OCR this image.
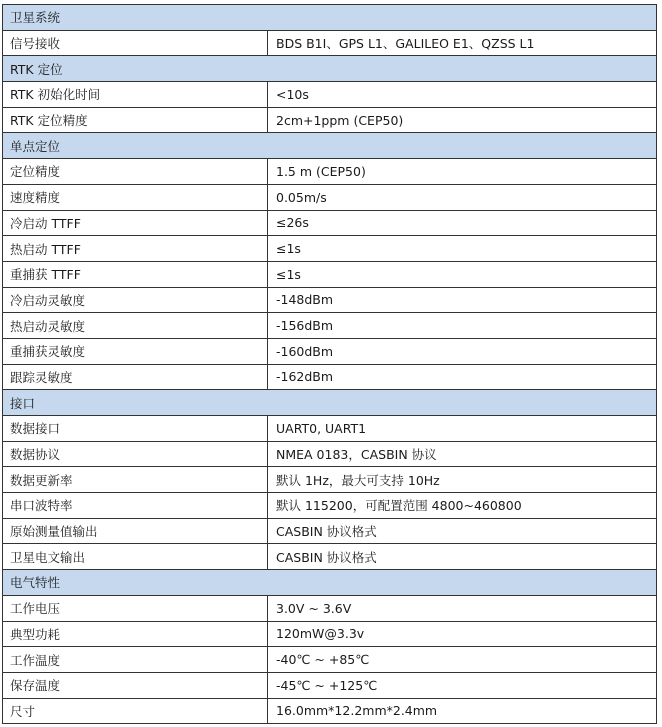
卫星系统	
信号接收	BDS B1I、GPS L1、GALILEO E1、QZSS L1
RTK 定位	
RTK 初始化时间	<10s
RTK 定位精度	2cm+1ppm (CEP50)
单点定位	
定位精度	1.5 m (CEP50)
速度精度	0.05m/s
冷启动 TTFF	≤26s
热启动 TTFF	≤1s
重捕获 TTFF	≤1s
冷启动灵敏度	-148dBm
热启动灵敏度	-156dBm
重捕获灵敏度	-160dBm
跟踪灵敏度	-162dBm
接口	
数据接口	UART0, UART1
数据协议	NMEA 0183，CASBIN 协议
数据更新率	默认 1Hz，最大可支持 10Hz
串口波特率	默认 115200，可配置范围 4800~460800
原始测量值输出	CASBIN 协议格式
卫星电文输出	CASBIN 协议格式
电气特性	
工作电压	3.0V ~ 3.6V
典型功耗	120mW@3.3v
工作温度	-40℃ ~ +85℃
保存温度	-45℃ ~ +125℃
尺寸	16.0mm*12.2mm*2.4mm
